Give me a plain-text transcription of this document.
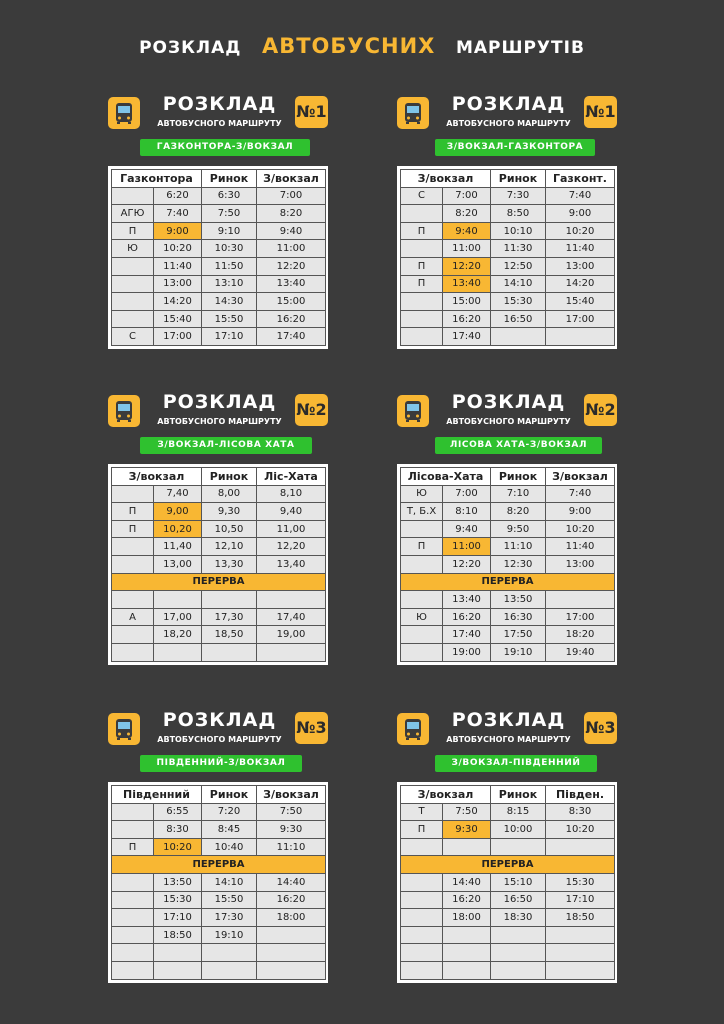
РОЗКЛАД АВТОБУСНИХ МАРШРУТІВ
РОЗКЛАД
АВТОБУСНОГО МАРШРУТУ
№1
ГАЗКОНТОРА-З/ВОКЗАЛ
Газконтора		Ринок	З/вокзал
	6:20	6:30	7:00
АГЮ	7:40	7:50	8:20
П	9:00	9:10	9:40
Ю	10:20	10:30	11:00
	11:40	11:50	12:20
	13:00	13:10	13:40
	14:20	14:30	15:00
	15:40	15:50	16:20
С	17:00	17:10	17:40
РОЗКЛАД
АВТОБУСНОГО МАРШРУТУ
№1
З/ВОКЗАЛ-ГАЗКОНТОРА
З/вокзал		Ринок	Газконт.
С	7:00	7:30	7:40
	8:20	8:50	9:00
П	9:40	10:10	10:20
	11:00	11:30	11:40
П	12:20	12:50	13:00
П	13:40	14:10	14:20
	15:00	15:30	15:40
	16:20	16:50	17:00
	17:40		
РОЗКЛАД
АВТОБУСНОГО МАРШРУТУ
№2
З/ВОКЗАЛ-ЛІСОВА ХАТА
З/вокзал		Ринок	Ліс-Хата
	7,40	8,00	8,10
П	9,00	9,30	9,40
П	10,20	10,50	11,00
	11,40	12,10	12,20
	13,00	13,30	13,40
ПЕРЕРВА			

А	17,00	17,30	17,40
	18,20	18,50	19,00

РОЗКЛАД
АВТОБУСНОГО МАРШРУТУ
№2
ЛІСОВА ХАТА-З/ВОКЗАЛ
Лісова-Хата		Ринок	З/вокзал
Ю	7:00	7:10	7:40
Т, Б.Х	8:10	8:20	9:00
	9:40	9:50	10:20
П	11:00	11:10	11:40
	12:20	12:30	13:00
ПЕРЕРВА			
	13:40	13:50	
Ю	16:20	16:30	17:00
	17:40	17:50	18:20
	19:00	19:10	19:40
РОЗКЛАД
АВТОБУСНОГО МАРШРУТУ
№3
ПІВДЕННИЙ-З/ВОКЗАЛ
Південний		Ринок	З/вокзал
	6:55	7:20	7:50
	8:30	8:45	9:30
П	10:20	10:40	11:10
ПЕРЕРВА			
	13:50	14:10	14:40
	15:30	15:50	16:20
	17:10	17:30	18:00
	18:50	19:10	

РОЗКЛАД
АВТОБУСНОГО МАРШРУТУ
№3
З/ВОКЗАЛ-ПІВДЕННИЙ
З/вокзал		Ринок	Півден.
Т	7:50	8:15	8:30
П	9:30	10:00	10:20

ПЕРЕРВА			
	14:40	15:10	15:30
	16:20	16:50	17:10
	18:00	18:30	18:50
